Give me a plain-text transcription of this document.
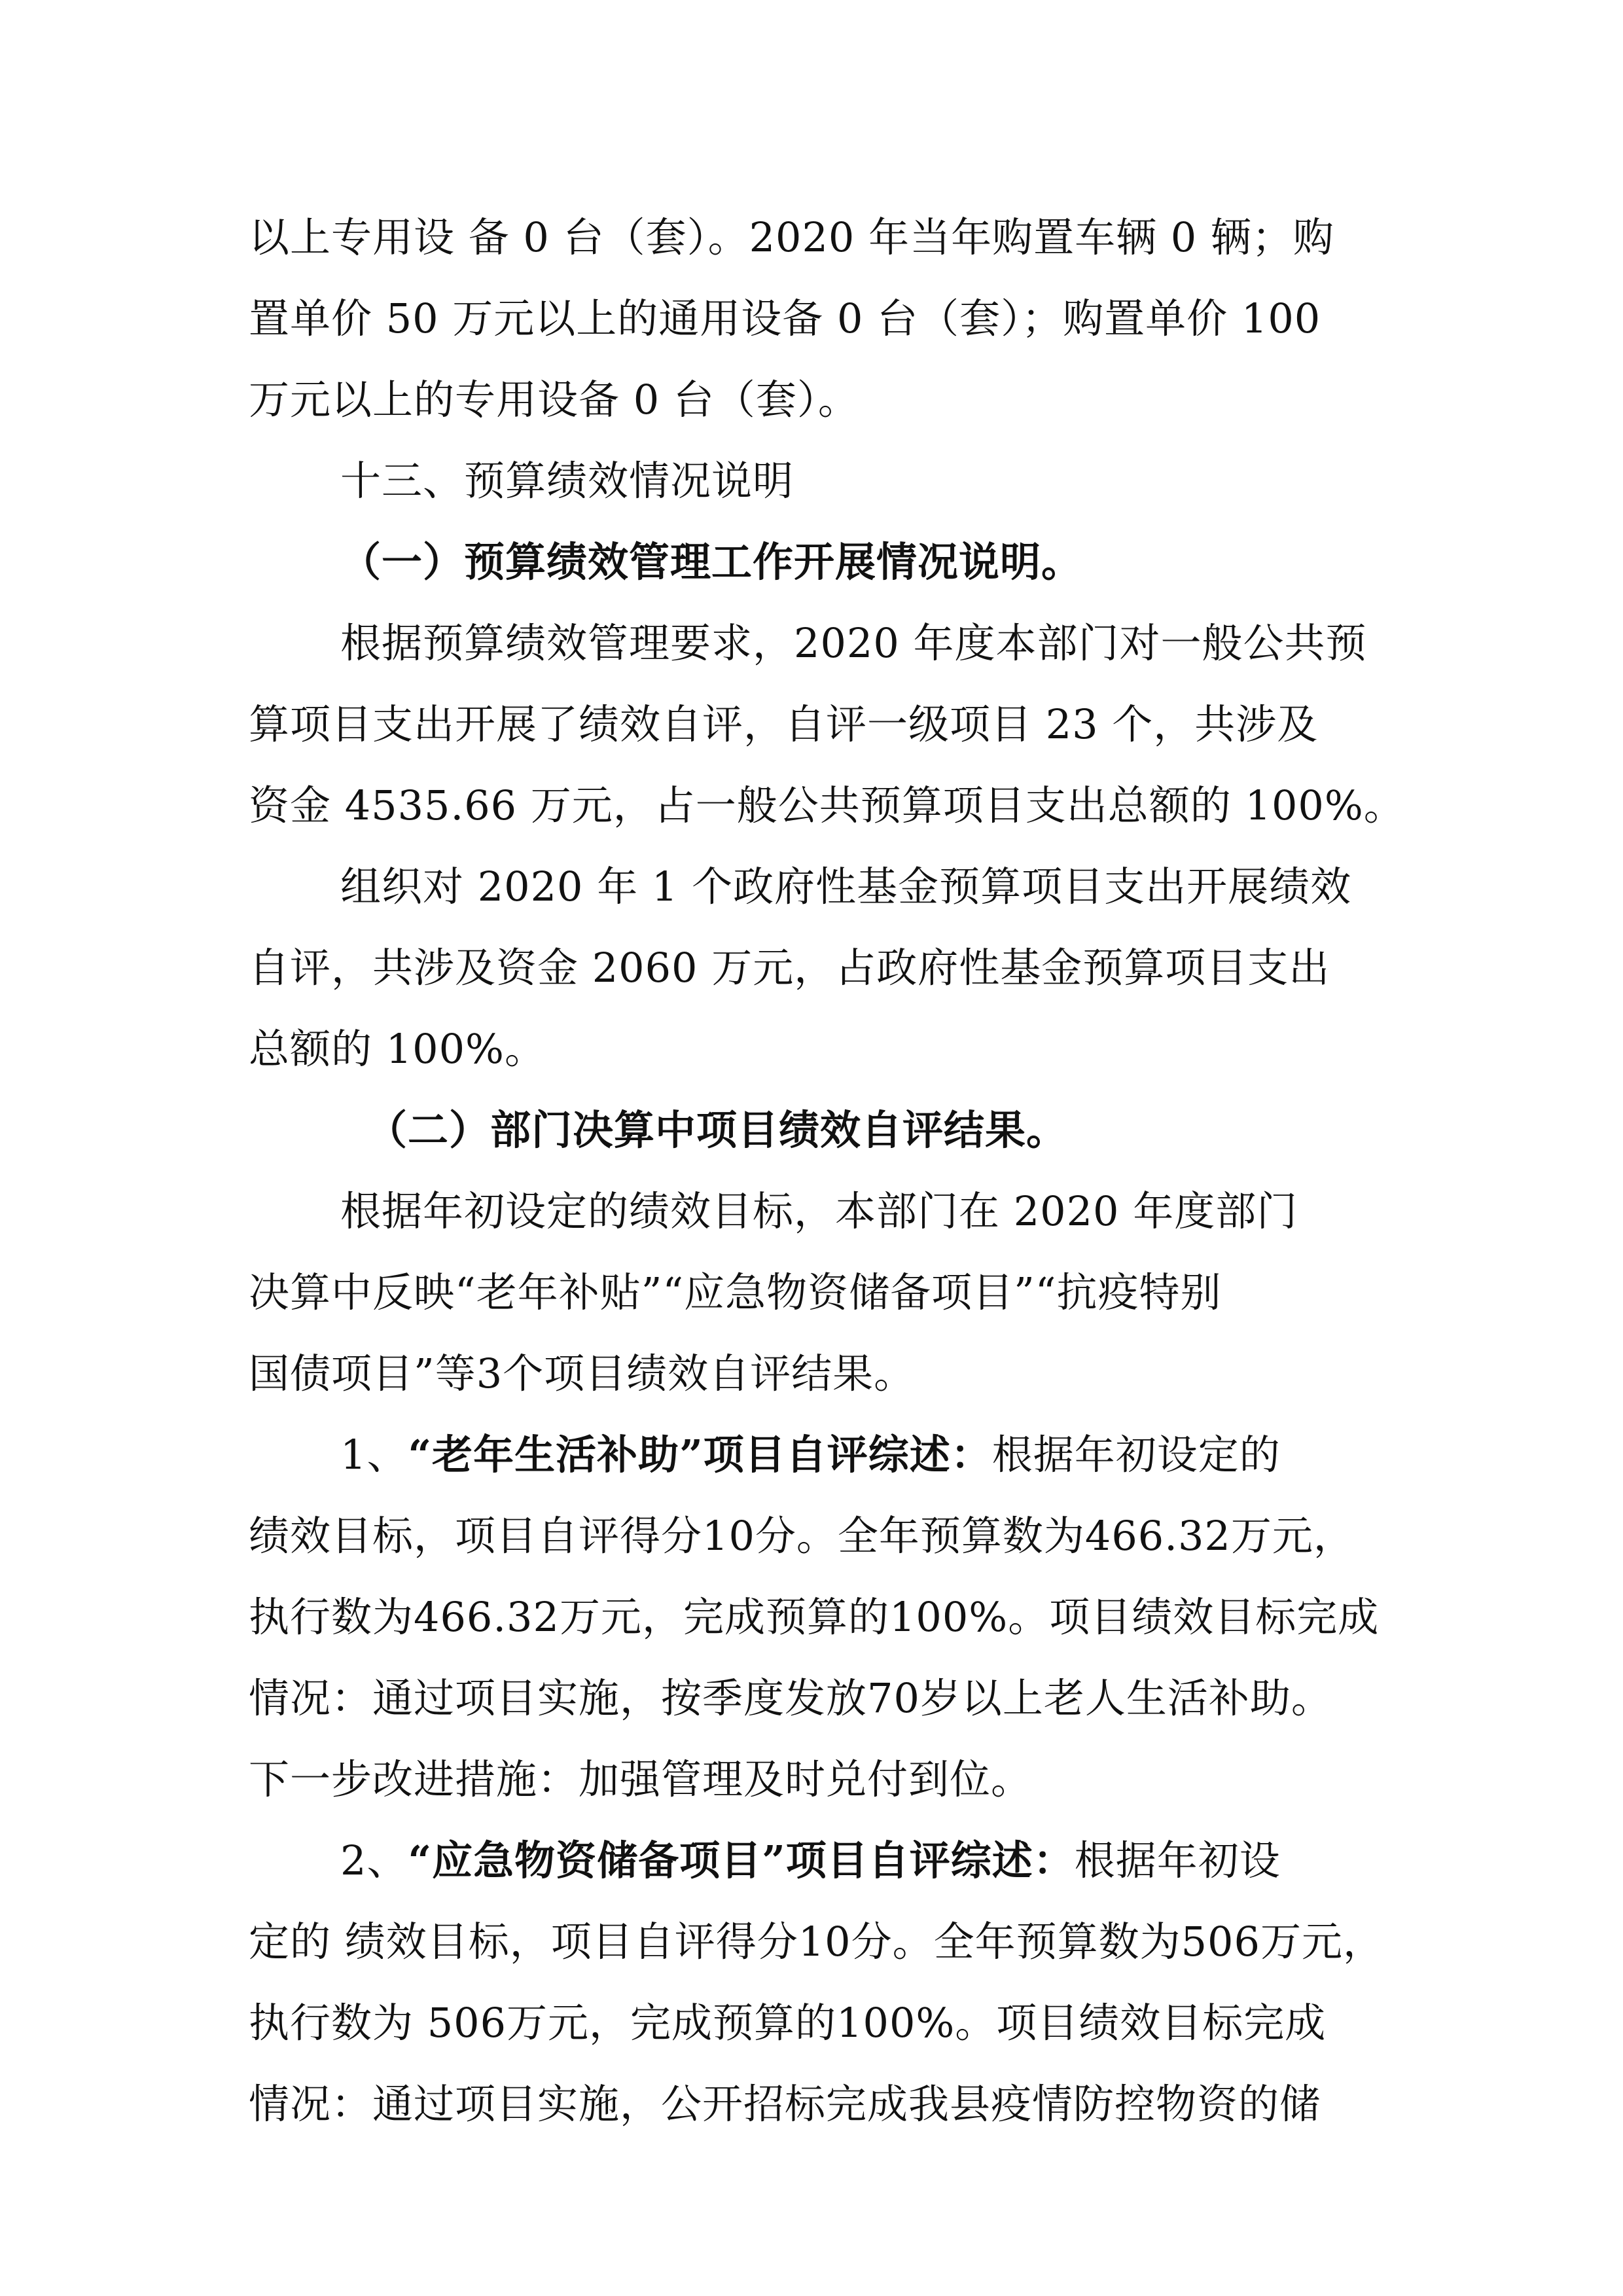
以上专用设 备 0 台（套）。2020 年当年购置车辆 0 辆；购
置单价 50 万元以上的通用设备 0 台（套）；购置单价 100
万元以上的专用设备 0 台（套）。
十三、预算绩效情况说明
（一）预算绩效管理工作开展情况说明。
根据预算绩效管理要求，2020 年度本部门对一般公共预
算项目支出开展了绩效自评，自评一级项目 23 个，共涉及
资金 4535.66 万元，占一般公共预算项目支出总额的 100%。
组织对 2020 年 1 个政府性基金预算项目支出开展绩效
自评，共涉及资金 2060 万元，占政府性基金预算项目支出
总额的 100%。
（二）部门决算中项目绩效自评结果。
根据年初设定的绩效目标，本部门在 2020 年度部门
决算中反映“老年补贴”“应急物资储备项目”“抗疫特别
国债项目”等3个项目绩效自评结果。
1、“老年生活补助”项目自评综述：根据年初设定的
绩效目标，项目自评得分10分。全年预算数为466.32万元，
执行数为466.32万元，完成预算的100%。项目绩效目标完成
情况：通过项目实施，按季度发放70岁以上老人生活补助。
下一步改进措施：加强管理及时兑付到位。
2、“应急物资储备项目”项目自评综述：根据年初设
定的 绩效目标，项目自评得分10分。全年预算数为506万元，
执行数为 506万元，完成预算的100%。项目绩效目标完成
情况：通过项目实施，公开招标完成我县疫情防控物资的储
